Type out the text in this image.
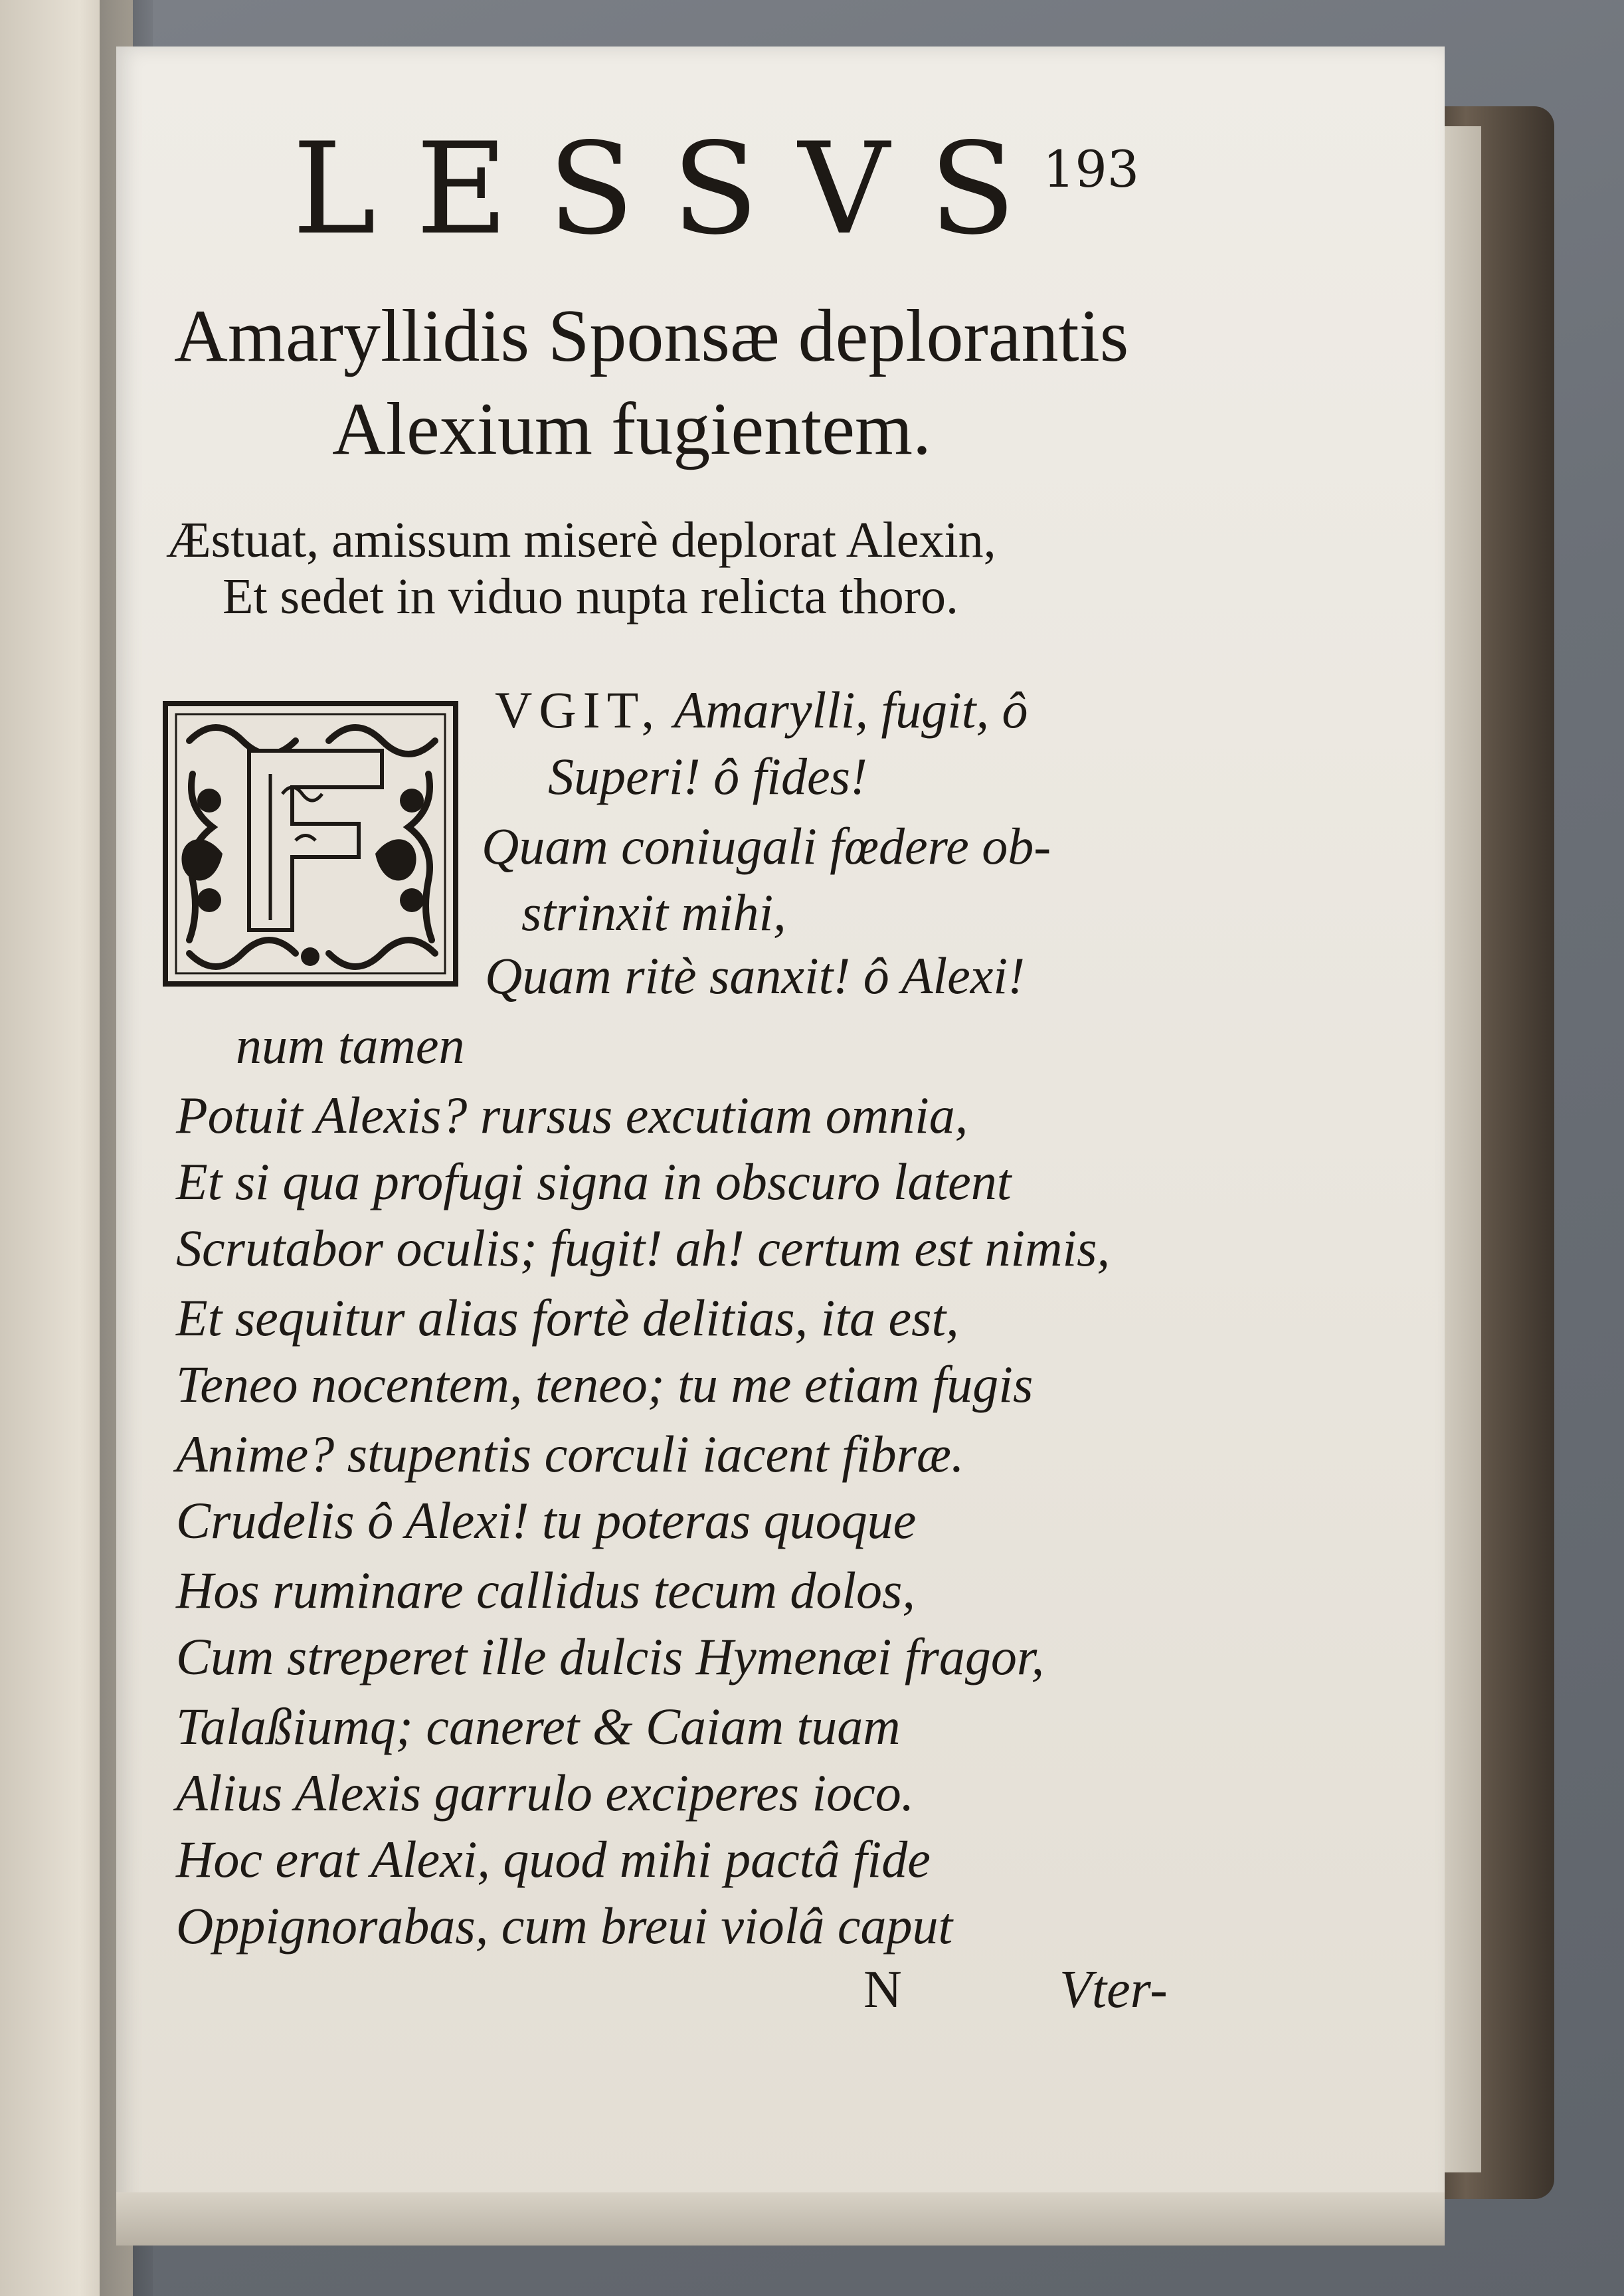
LESSVS
193
Amaryllidis Sponsæ deplorantis
Alexium fugientem.
Æstuat, amissum miserè deplorat Alexin,
Et sedet in viduo nupta relicta thoro.
VGIT, Amarylli, fugit, ô
Superi! ô fides!
Quam coniugali fœdere ob-
strinxit mihi,
Quam ritè sanxit! ô Alexi!
num tamen
Potuit Alexis? rursus excutiam omnia,
Et si qua profugi signa in obscuro latent
Scrutabor oculis; fugit! ah! certum est nimis,
Et sequitur alias fortè delitias, ita est,
Teneo nocentem, teneo; tu me etiam fugis
Anime? stupentis corculi iacent fibræ.
Crudelis ô Alexi! tu poteras quoque
Hos ruminare callidus tecum dolos,
Cum streperet ille dulcis Hymenæi fragor,
Talaßiumq; caneret & Caiam tuam
Alius Alexis garrulo exciperes ioco.
Hoc erat Alexi, quod mihi pactâ fide
Oppignorabas, cum breui violâ caput
N	Vter-
